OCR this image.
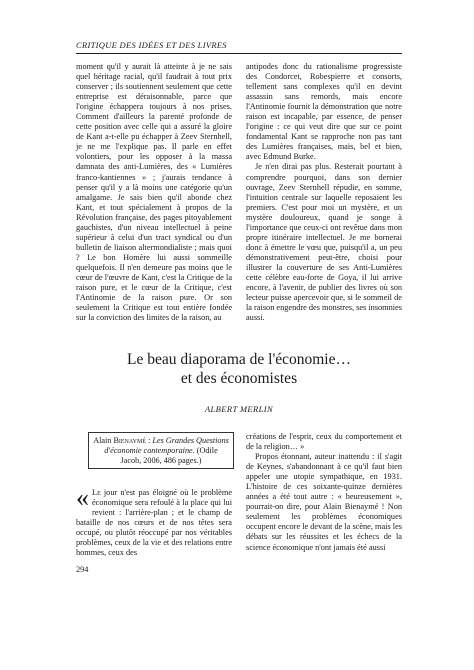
CRITIQUE DES IDÉES ET DES LIVRES

moment qu'il y aurait là atteinte à je ne sais quel héritage racial, qu'il faudrait à tout prix conserver ; ils soutiennent seulement que cette entreprise est déraisonnable, parce que l'origine échappera toujours à nos prises. Comment d'ailleurs la parenté profonde de cette position avec celle qui a assuré la gloire de Kant a-t-elle pu échapper à Zeev Sternhell, je ne me l'explique pas. Il parle en effet volontiers, pour les opposer à la massa damnata des anti-Lumières, des « Lumières franco-kantiennes » ; j'aurais tendance à penser qu'il y a là moins une catégorie qu'un amalgame. Je sais bien qu'il abonde chez Kant, et tout spécialement à propos de la Révolution française, des pages pitoyablement gauchistes, d'un niveau intellectuel à peine supérieur à celui d'un tract syndical ou d'un bulletin de liaison altermondialiste ; mais quoi ? Le bon Homère lui aussi sommeille quelquefois. Il n'en demeure pas moins que le cœur de l'œuvre de Kant, c'est la Critique de la raison pure, et le cœur de la Critique, c'est l'Antinomie de la raison pure. Or son seulement la Critique est tout entière fondée sur la conviction des limites de la raison, au

antipodes donc du rationalisme progressiste des Condorcet, Robespierre et consorts, tellement sans complexes qu'il en devint assassin sans remords, mais encore l'Antinomie fournit la démonstration que notre raison est incapable, par essence, de penser l'origine : ce qui veut dire que sur ce point fondamental Kant se rapproche non pas tant des Lumières françaises, mais, bel et bien, avec Edmund Burke.

Je n'en dirai pas plus. Resterait pourtant à comprendre pourquoi, dans son dernier ouvrage, Zeev Sternhell répudie, en somme, l'intuition centrale sur laquelle reposaient les premiers. C'est pour moi un mystère, et un mystère douloureux, quand je songe à l'importance que ceux-ci ont revêtue dans mon propre itinéraire intellectuel. Je me bornerai donc à émettre le vœu que, puisqu'il a, un peu démonstrativement peut-être, choisi pour illustrer la couverture de ses Anti-Lumières cette célèbre eau-forte de Goya, il lui arrive encore, à l'avenir, de publier des livres où son lecteur puisse apercevoir que, si le sommeil de la raison engendre des monstres, ses insomnies aussi.

Le beau diaporama de l'économie…
et des économistes
ALBERT MERLIN
Alain Bienaymé : Les Grandes Questions d'économie contemporaine. (Odile Jacob, 2006, 486 pages.)

« Le jour n'est pas éloigné où le problème économique sera refoulé à la place qui lui revient : l'arrière-plan ; et le champ de bataille de nos cœurs et de nos têtes sera occupé, ou plutôt réoccupé par nos véritables problèmes, ceux de la vie et des relations entre hommes, ceux des

créations de l'esprit, ceux du comportement et de la religion… »

Propos étonnant, auteur inattendu : il s'agit de Keynes, s'abandonnant à ce qu'il faut bien appeler une utopie sympathique, en 1931. L'histoire de ces soixante-quinze dernières années a été tout autre : « heureusement », pourrait-on dire, pour Alain Bienaymé ! Non seulement les problèmes économiques occupent encore le devant de la scène, mais les débats sur les réussites et les échecs de la science économique n'ont jamais été aussi

294
